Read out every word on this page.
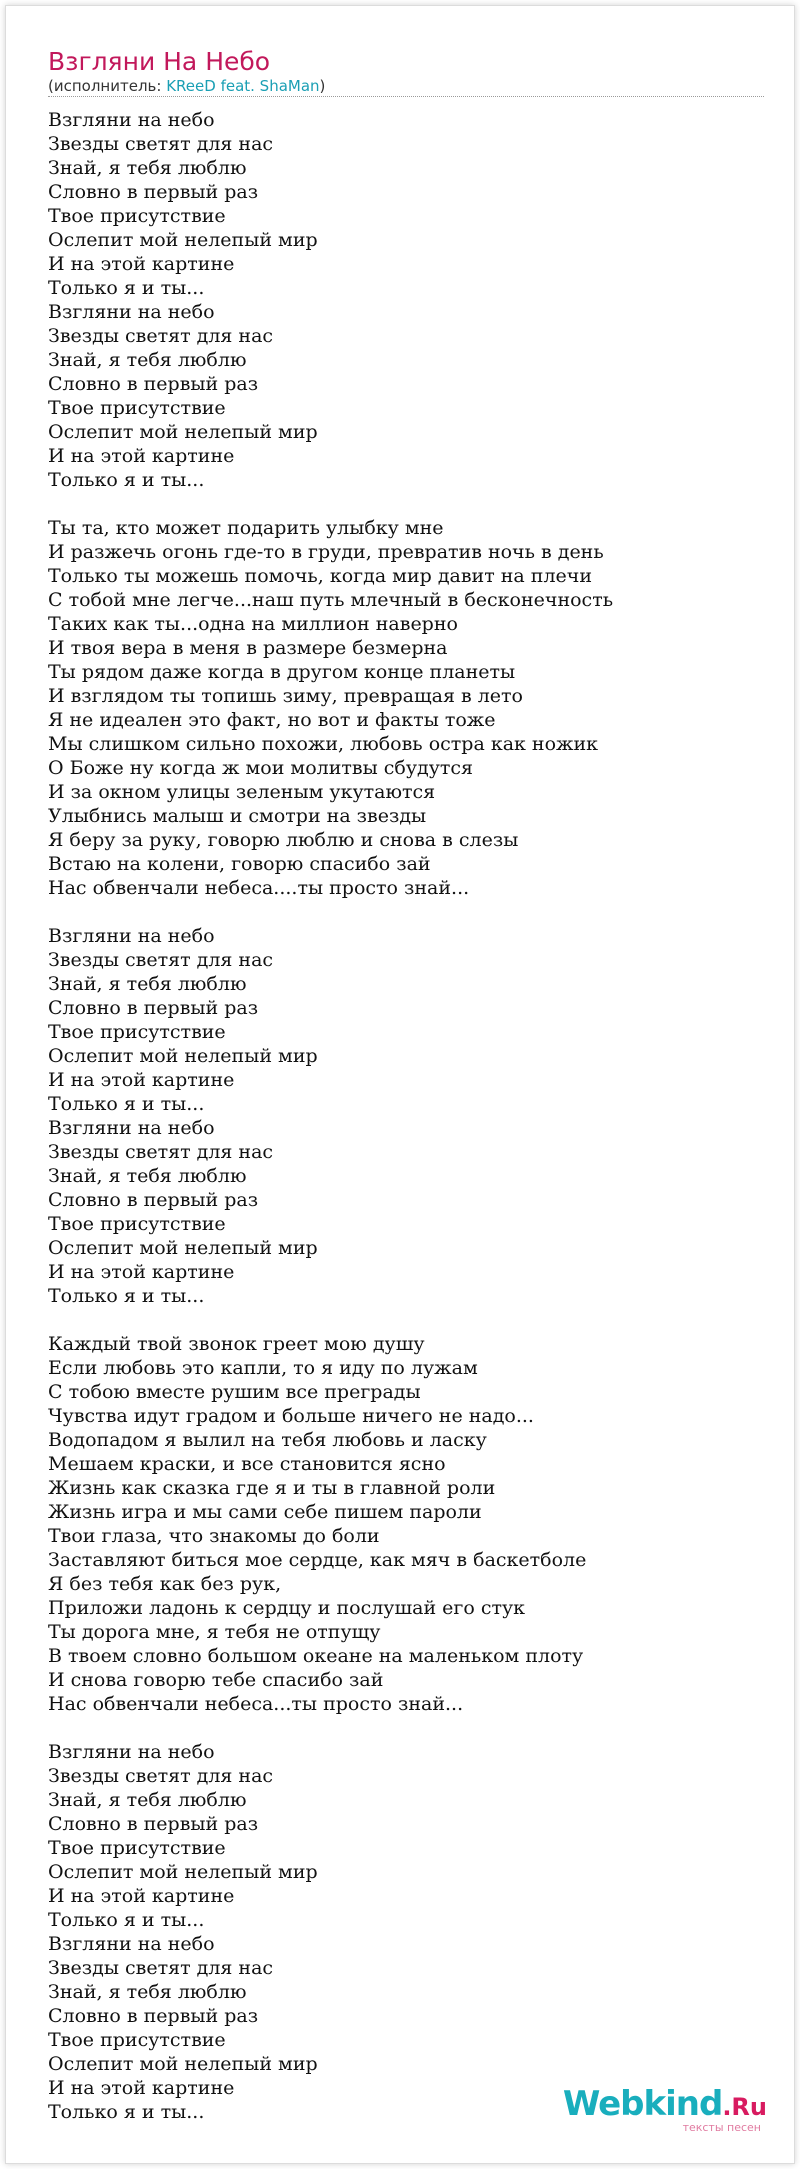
Взгляни На Небо
(исполнитель: KReeD feat. ShaMan)
Взгляни на небо
Звезды светят для нас
Знай, я тебя люблю
Словно в первый раз
Твое присутствие
Ослепит мой нелепый мир
И на этой картине
Только я и ты...
Взгляни на небо
Звезды светят для нас
Знай, я тебя люблю
Словно в первый раз
Твое присутствие
Ослепит мой нелепый мир
И на этой картине
Только я и ты...
Ты та, кто может подарить улыбку мне
И разжечь огонь где-то в груди, превратив ночь в день
Только ты можешь помочь, когда мир давит на плечи
С тобой мне легче...наш путь млечный в бесконечность
Таких как ты...одна на миллион наверно
И твоя вера в меня в размере безмерна
Ты рядом даже когда в другом конце планеты
И взглядом ты топишь зиму, превращая в лето
Я не идеален это факт, но вот и факты тоже
Мы слишком сильно похожи, любовь остра как ножик
О Боже ну когда ж мои молитвы сбудутся
И за окном улицы зеленым укутаются
Улыбнись малыш и смотри на звезды
Я беру за руку, говорю люблю и снова в слезы
Встаю на колени, говорю спасибо зай
Нас обвенчали небеса....ты просто знай...
Взгляни на небо
Звезды светят для нас
Знай, я тебя люблю
Словно в первый раз
Твое присутствие
Ослепит мой нелепый мир
И на этой картине
Только я и ты...
Взгляни на небо
Звезды светят для нас
Знай, я тебя люблю
Словно в первый раз
Твое присутствие
Ослепит мой нелепый мир
И на этой картине
Только я и ты...
Каждый твой звонок греет мою душу
Если любовь это капли, то я иду по лужам
С тобою вместе рушим все преграды
Чувства идут градом и больше ничего не надо...
Водопадом я вылил на тебя любовь и ласку
Мешаем краски, и все становится ясно
Жизнь как сказка где я и ты в главной роли
Жизнь игра и мы сами себе пишем пароли
Твои глаза, что знакомы до боли
Заставляют биться мое сердце, как мяч в баскетболе
Я без тебя как без рук,
Приложи ладонь к сердцу и послушай его стук
Ты дорога мне, я тебя не отпущу
В твоем словно большом океане на маленьком плоту
И снова говорю тебе спасибо зай
Нас обвенчали небеса...ты просто знай...
Взгляни на небо
Звезды светят для нас
Знай, я тебя люблю
Словно в первый раз
Твое присутствие
Ослепит мой нелепый мир
И на этой картине
Только я и ты...
Взгляни на небо
Звезды светят для нас
Знай, я тебя люблю
Словно в первый раз
Твое присутствие
Ослепит мой нелепый мир
И на этой картине
Только я и ты...	Webkind.Ru
тексты песен
